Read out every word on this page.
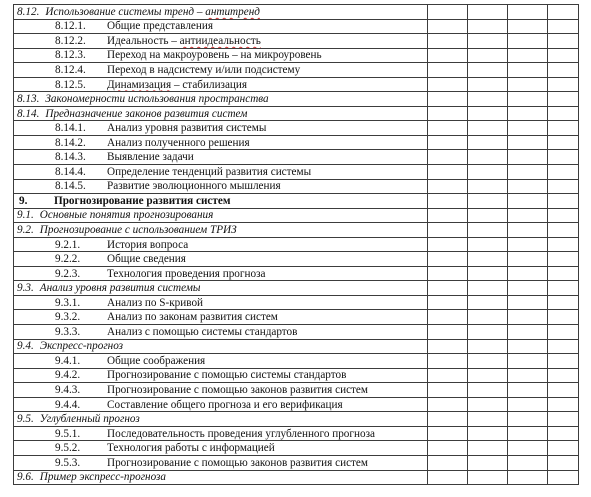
8.12. Использование системы тренд – антитренд				
8.12.1. Общие представления				
8.12.2. Идеальность – антиидеальность				
8.12.3. Переход на макроуровень – на микроуровень				
8.12.4. Переход в надсистему и/или подсистему				
8.12.5. Динамизация – стабилизация				
8.13. Закономерности использования пространства				
8.14. Предназначение законов развития систем				
8.14.1. Анализ уровня развития системы				
8.14.2. Анализ полученного решения				
8.14.3. Выявление задачи				
8.14.4. Определение тенденций развития системы				
8.14.5. Развитие эволюционного мышления				
9. Прогнозирование развития систем				
9.1. Основные понятия прогнозирования				
9.2. Прогнозирование с использованием ТРИЗ				
9.2.1. История вопроса				
9.2.2. Общие сведения				
9.2.3. Технология проведения прогноза				
9.3. Анализ уровня развития системы				
9.3.1. Анализ по S-кривой				
9.3.2. Анализ по законам развития систем				
9.3.3. Анализ с помощью системы стандартов				
9.4. Экспресс-прогноз				
9.4.1. Общие соображения				
9.4.2. Прогнозирование с помощью системы стандартов				
9.4.3. Прогнозирование с помощью законов развития систем				
9.4.4. Составление общего прогноза и его верификация				
9.5. Углубленный прогноз				
9.5.1. Последовательность проведения углубленного прогноза				
9.5.2. Технология работы с информацией				
9.5.3. Прогнозирование с помощью законов развития систем				
9.6. Пример экспресс-прогноза				
